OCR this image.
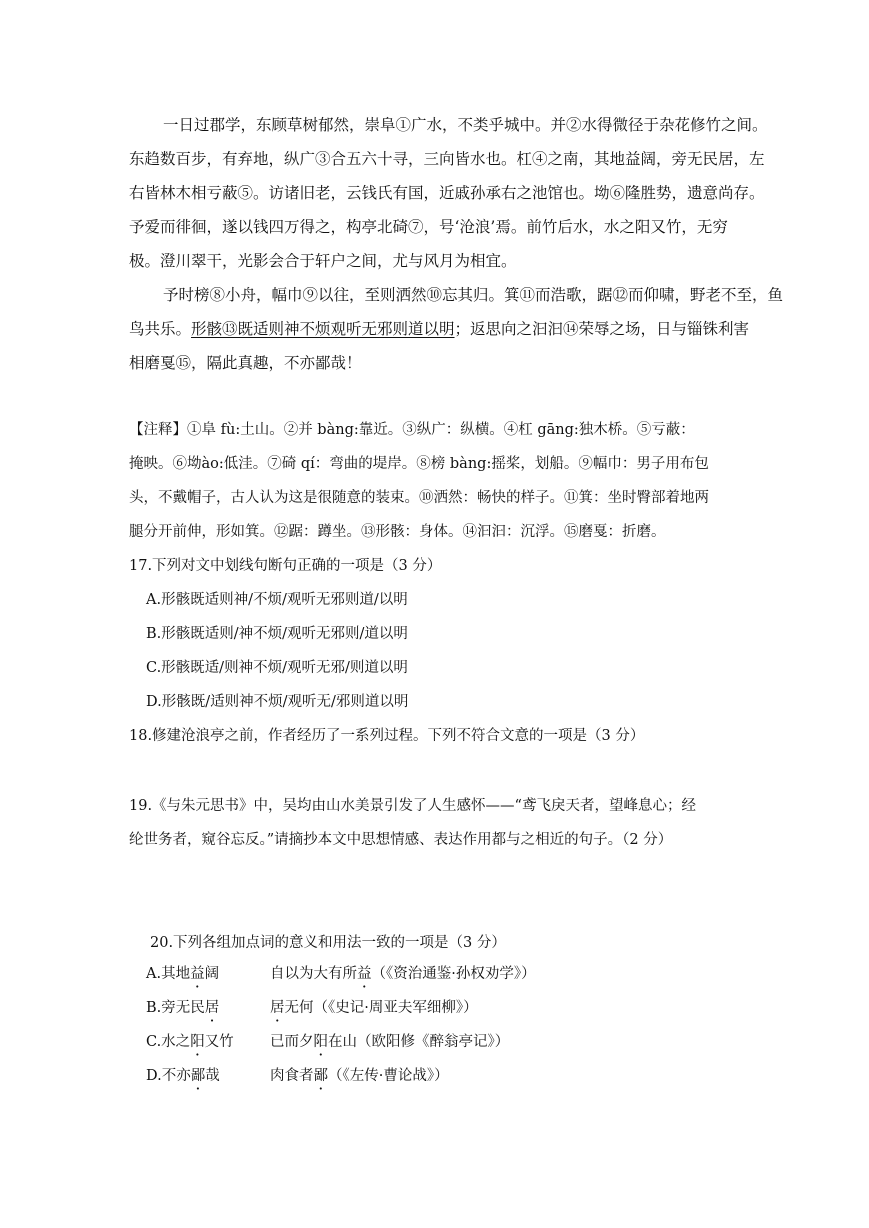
一日过郡学，东顾草树郁然，崇阜①广水，不类乎城中。并②水得微径于杂花修竹之间。
东趋数百步，有弃地，纵广③合五六十寻，三向皆水也。杠④之南，其地益阔，旁无民居，左
右皆林木相亏蔽⑤。访诸旧老，云钱氏有国，近戚孙承右之池馆也。坳⑥隆胜势，遗意尚存。
予爱而徘徊，遂以钱四万得之，构亭北碕⑦，号‘沧浪’焉。前竹后水，水之阳又竹，无穷
极。澄川翠干，光影会合于轩户之间，尤与风月为相宜。
予时榜⑧小舟，幅巾⑨以往，至则洒然⑩忘其归。箕⑪而浩歌，踞⑫而仰啸，野老不至，鱼
鸟共乐。形骸⑬既适则神不烦观听无邪则道以明；返思向之汩汩⑭荣辱之场，日与锱铢利害
相磨戛⑮，隔此真趣，不亦鄙哉！
【注释】①阜 fù:土山。②并 bàng:靠近。③纵广：纵横。④杠 gāng:独木桥。⑤亏蔽：
掩映。⑥坳ào:低洼。⑦碕 qí：弯曲的堤岸。⑧榜 bàng:摇桨，划船。⑨幅巾：男子用布包
头，不戴帽子，古人认为这是很随意的装束。⑩洒然：畅快的样子。⑪箕：坐时臀部着地两
腿分开前伸，形如箕。⑫踞：蹲坐。⑬形骸：身体。⑭汩汩：沉浮。⑮磨戛：折磨。
17.下列对文中划线句断句正确的一项是（3 分）
A.形骸既适则神/不烦/观听无邪则道/以明
B.形骸既适则/神不烦/观听无邪则/道以明
C.形骸既适/则神不烦/观听无邪/则道以明
D.形骸既/适则神不烦/观听无/邪则道以明
18.修建沧浪亭之前，作者经历了一系列过程。下列不符合文意的一项是（3 分）
19.《与朱元思书》中，吴均由山水美景引发了人生感怀——“鸢飞戾天者，望峰息心；经
纶世务者，窥谷忘反。”请摘抄本文中思想情感、表达作用都与之相近的句子。（2 分）
20.下列各组加点词的意义和用法一致的一项是（3 分）
A.其地益阔	自以为大有所益（《资治通鉴·孙权劝学》）
B.旁无民居	居无何（《史记·周亚夫军细柳》）
C.水之阳又竹	已而夕阳在山（欧阳修《醉翁亭记》）
D.不亦鄙哉	肉食者鄙（《左传·曹论战》）
